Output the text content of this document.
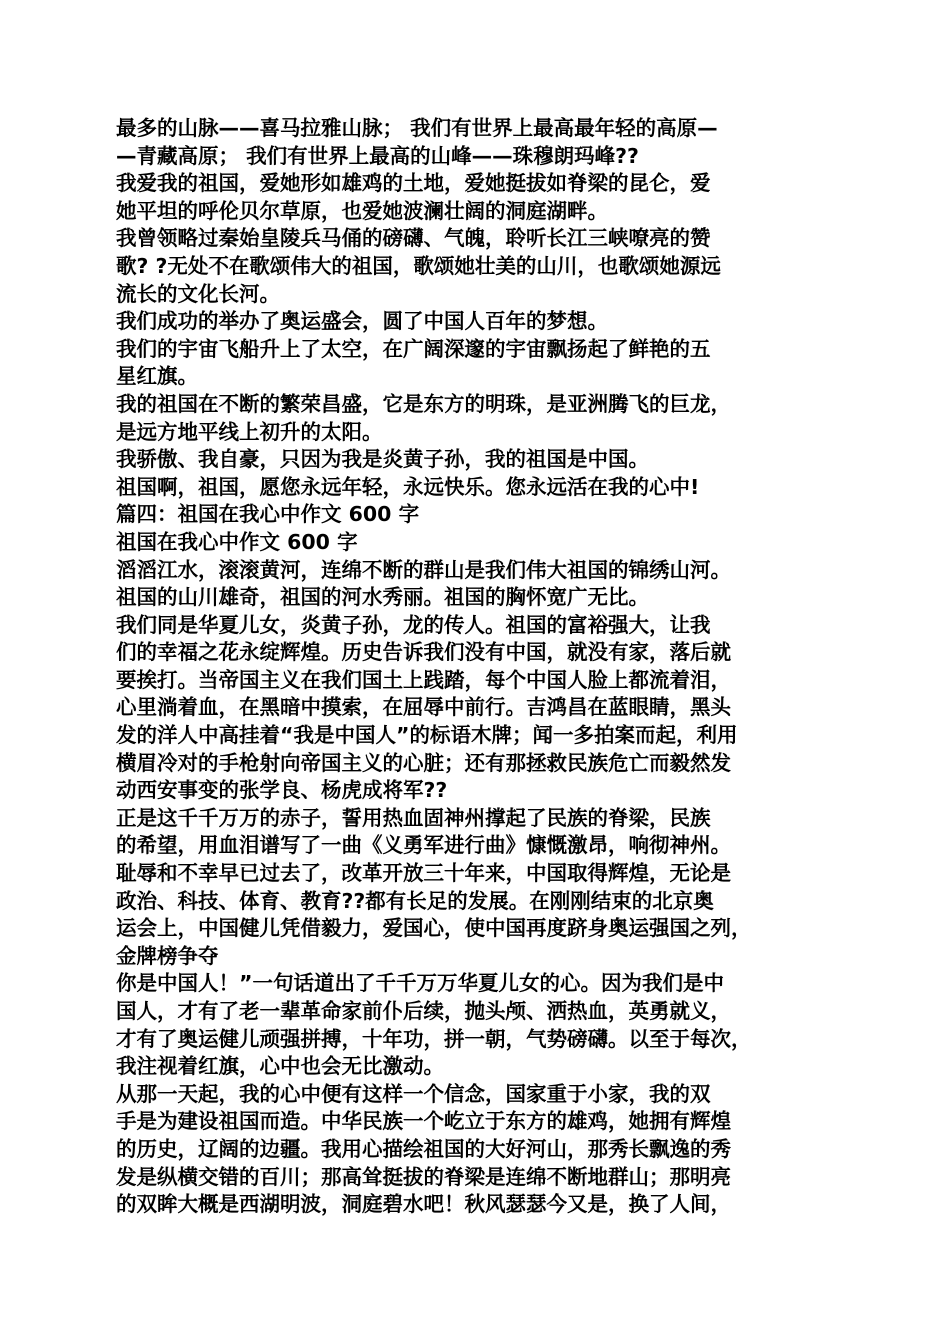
最多的山脉——喜马拉雅山脉； 我们有世界上最高最年轻的高原—
—青藏高原； 我们有世界上最高的山峰——珠穆朗玛峰??

我爱我的祖国，爱她形如雄鸡的土地，爱她挺拔如脊梁的昆仑，爱
她平坦的呼伦贝尔草原，也爱她波澜壮阔的洞庭湖畔。

我曾领略过秦始皇陵兵马俑的磅礴、气魄，聆听长江三峡嘹亮的赞
歌? ?无处不在歌颂伟大的祖国，歌颂她壮美的山川，也歌颂她源远
流长的文化长河。

我们成功的举办了奥运盛会，圆了中国人百年的梦想。

我们的宇宙飞船升上了太空，在广阔深邃的宇宙飘扬起了鲜艳的五
星红旗。

我的祖国在不断的繁荣昌盛，它是东方的明珠，是亚洲腾飞的巨龙，
是远方地平线上初升的太阳。

我骄傲、我自豪，只因为我是炎黄子孙，我的祖国是中国。

祖国啊，祖国，愿您永远年轻，永远快乐。您永远活在我的心中!

篇四：祖国在我心中作文 600 字

祖国在我心中作文 600 字

滔滔江水，滚滚黄河，连绵不断的群山是我们伟大祖国的锦绣山河。
祖国的山川雄奇，祖国的河水秀丽。祖国的胸怀宽广无比。

我们同是华夏儿女，炎黄子孙，龙的传人。祖国的富裕强大，让我
们的幸福之花永绽辉煌。历史告诉我们没有中国，就没有家，落后就
要挨打。当帝国主义在我们国土上践踏，每个中国人脸上都流着泪，
心里淌着血，在黑暗中摸索，在屈辱中前行。吉鸿昌在蓝眼睛，黑头
发的洋人中高挂着“我是中国人”的标语木牌；闻一多拍案而起，利用
横眉冷对的手枪射向帝国主义的心脏；还有那拯救民族危亡而毅然发
动西安事变的张学良、杨虎成将军??

正是这千千万万的赤子，誓用热血固神州撑起了民族的脊梁，民族
的希望，用血泪谱写了一曲《义勇军进行曲》慷慨激昂，响彻神州。
耻辱和不幸早已过去了，改革开放三十年来，中国取得辉煌，无论是
政治、科技、体育、教育??都有长足的发展。在刚刚结束的北京奥
运会上，中国健儿凭借毅力，爱国心，使中国再度跻身奥运强国之列，
金牌榜争夺

你是中国人！”一句话道出了千千万万华夏儿女的心。因为我们是中
国人，才有了老一辈革命家前仆后续，抛头颅、洒热血，英勇就义，
才有了奥运健儿顽强拼搏，十年功，拼一朝，气势磅礴。以至于每次，
我注视着红旗，心中也会无比激动。

从那一天起，我的心中便有这样一个信念，国家重于小家，我的双
手是为建设祖国而造。中华民族一个屹立于东方的雄鸡，她拥有辉煌
的历史，辽阔的边疆。我用心描绘祖国的大好河山，那秀长飘逸的秀
发是纵横交错的百川；那高耸挺拔的脊梁是连绵不断地群山；那明亮
的双眸大概是西湖明波，洞庭碧水吧！秋风瑟瑟今又是，换了人间，
